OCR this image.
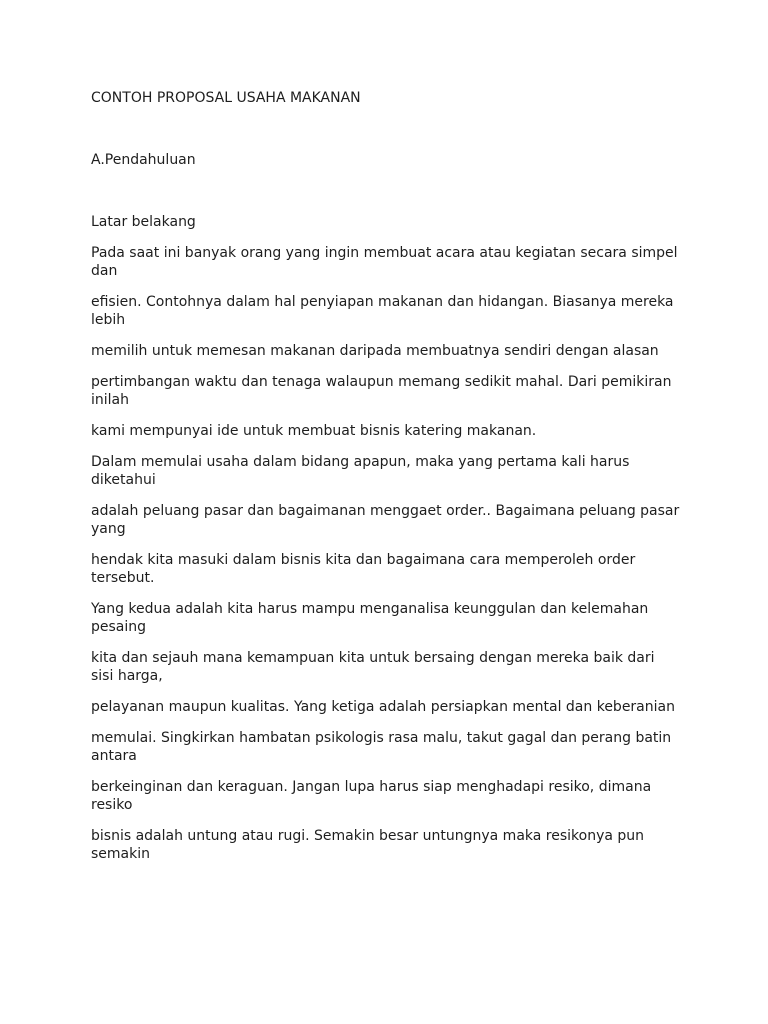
CONTOH PROPOSAL USAHA MAKANAN

A.Pendahuluan

Latar belakang

Pada saat ini banyak orang yang ingin membuat acara atau kegiatan secara simpel dan

efisien. Contohnya dalam hal penyiapan makanan dan hidangan. Biasanya mereka lebih

memilih untuk memesan makanan daripada membuatnya sendiri dengan alasan

pertimbangan waktu dan tenaga walaupun memang sedikit mahal. Dari pemikiran inilah

kami mempunyai ide untuk membuat bisnis katering makanan.

Dalam memulai usaha dalam bidang apapun, maka yang pertama kali harus diketahui

adalah peluang pasar dan bagaimanan menggaet order.. Bagaimana peluang pasar yang

hendak kita masuki dalam bisnis kita dan bagaimana cara memperoleh order tersebut.

Yang kedua adalah kita harus mampu menganalisa keunggulan dan kelemahan pesaing

kita dan sejauh mana kemampuan kita untuk bersaing dengan mereka baik dari sisi harga,

pelayanan maupun kualitas. Yang ketiga adalah persiapkan mental dan keberanian

memulai. Singkirkan hambatan psikologis rasa malu, takut gagal dan perang batin antara

berkeinginan dan keraguan. Jangan lupa harus siap menghadapi resiko, dimana resiko

bisnis adalah untung atau rugi. Semakin besar untungnya maka resikonya pun semakin
